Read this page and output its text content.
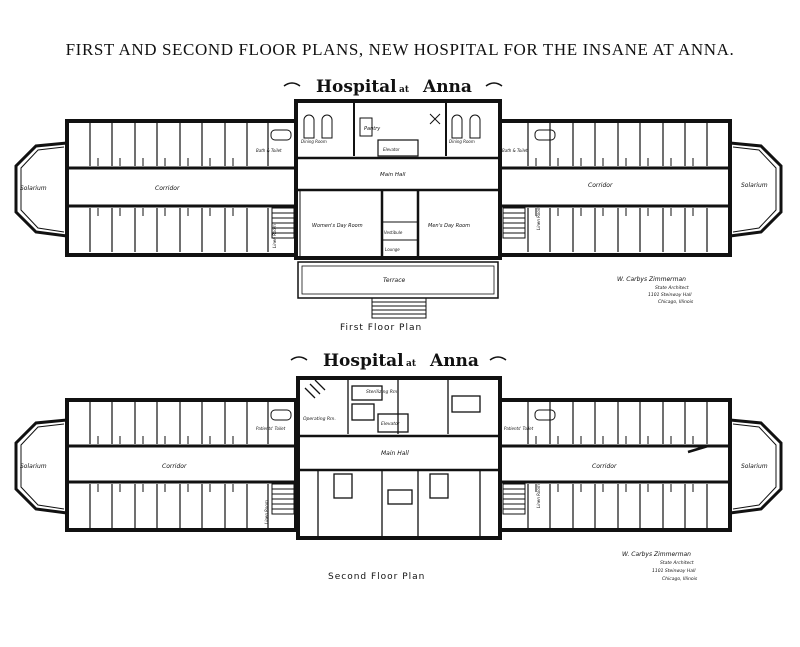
FIRST AND SECOND FLOOR PLANS, NEW HOSPITAL FOR THE INSANE AT ANNA.
Hospital at Anna
Solarium	Solarium
Corridor	Corridor
Main Hall
Women's Day Room	Men's Day Room
Vestibule
Lounge
Terrace
Dining Room	Dining Room
Pantry
Elevator
Bath & Toilet	Bath & Toilet
Linen Room
Linen Room
First Floor Plan
W. Carbys Zimmerman
State Architect
1101 Steinway Hall
Chicago, Illinois
Hospital at Anna
Solarium	Solarium
Corridor	Corridor
Main Hall
Operating Rm.
Sterilizing Rm.
Elevator
Patients' Toilet	Patients' Toilet
Linen Room
Linen Room
Second Floor Plan
W. Carbys Zimmerman
State Architect
1101 Steinway Hall
Chicago, Illinois
